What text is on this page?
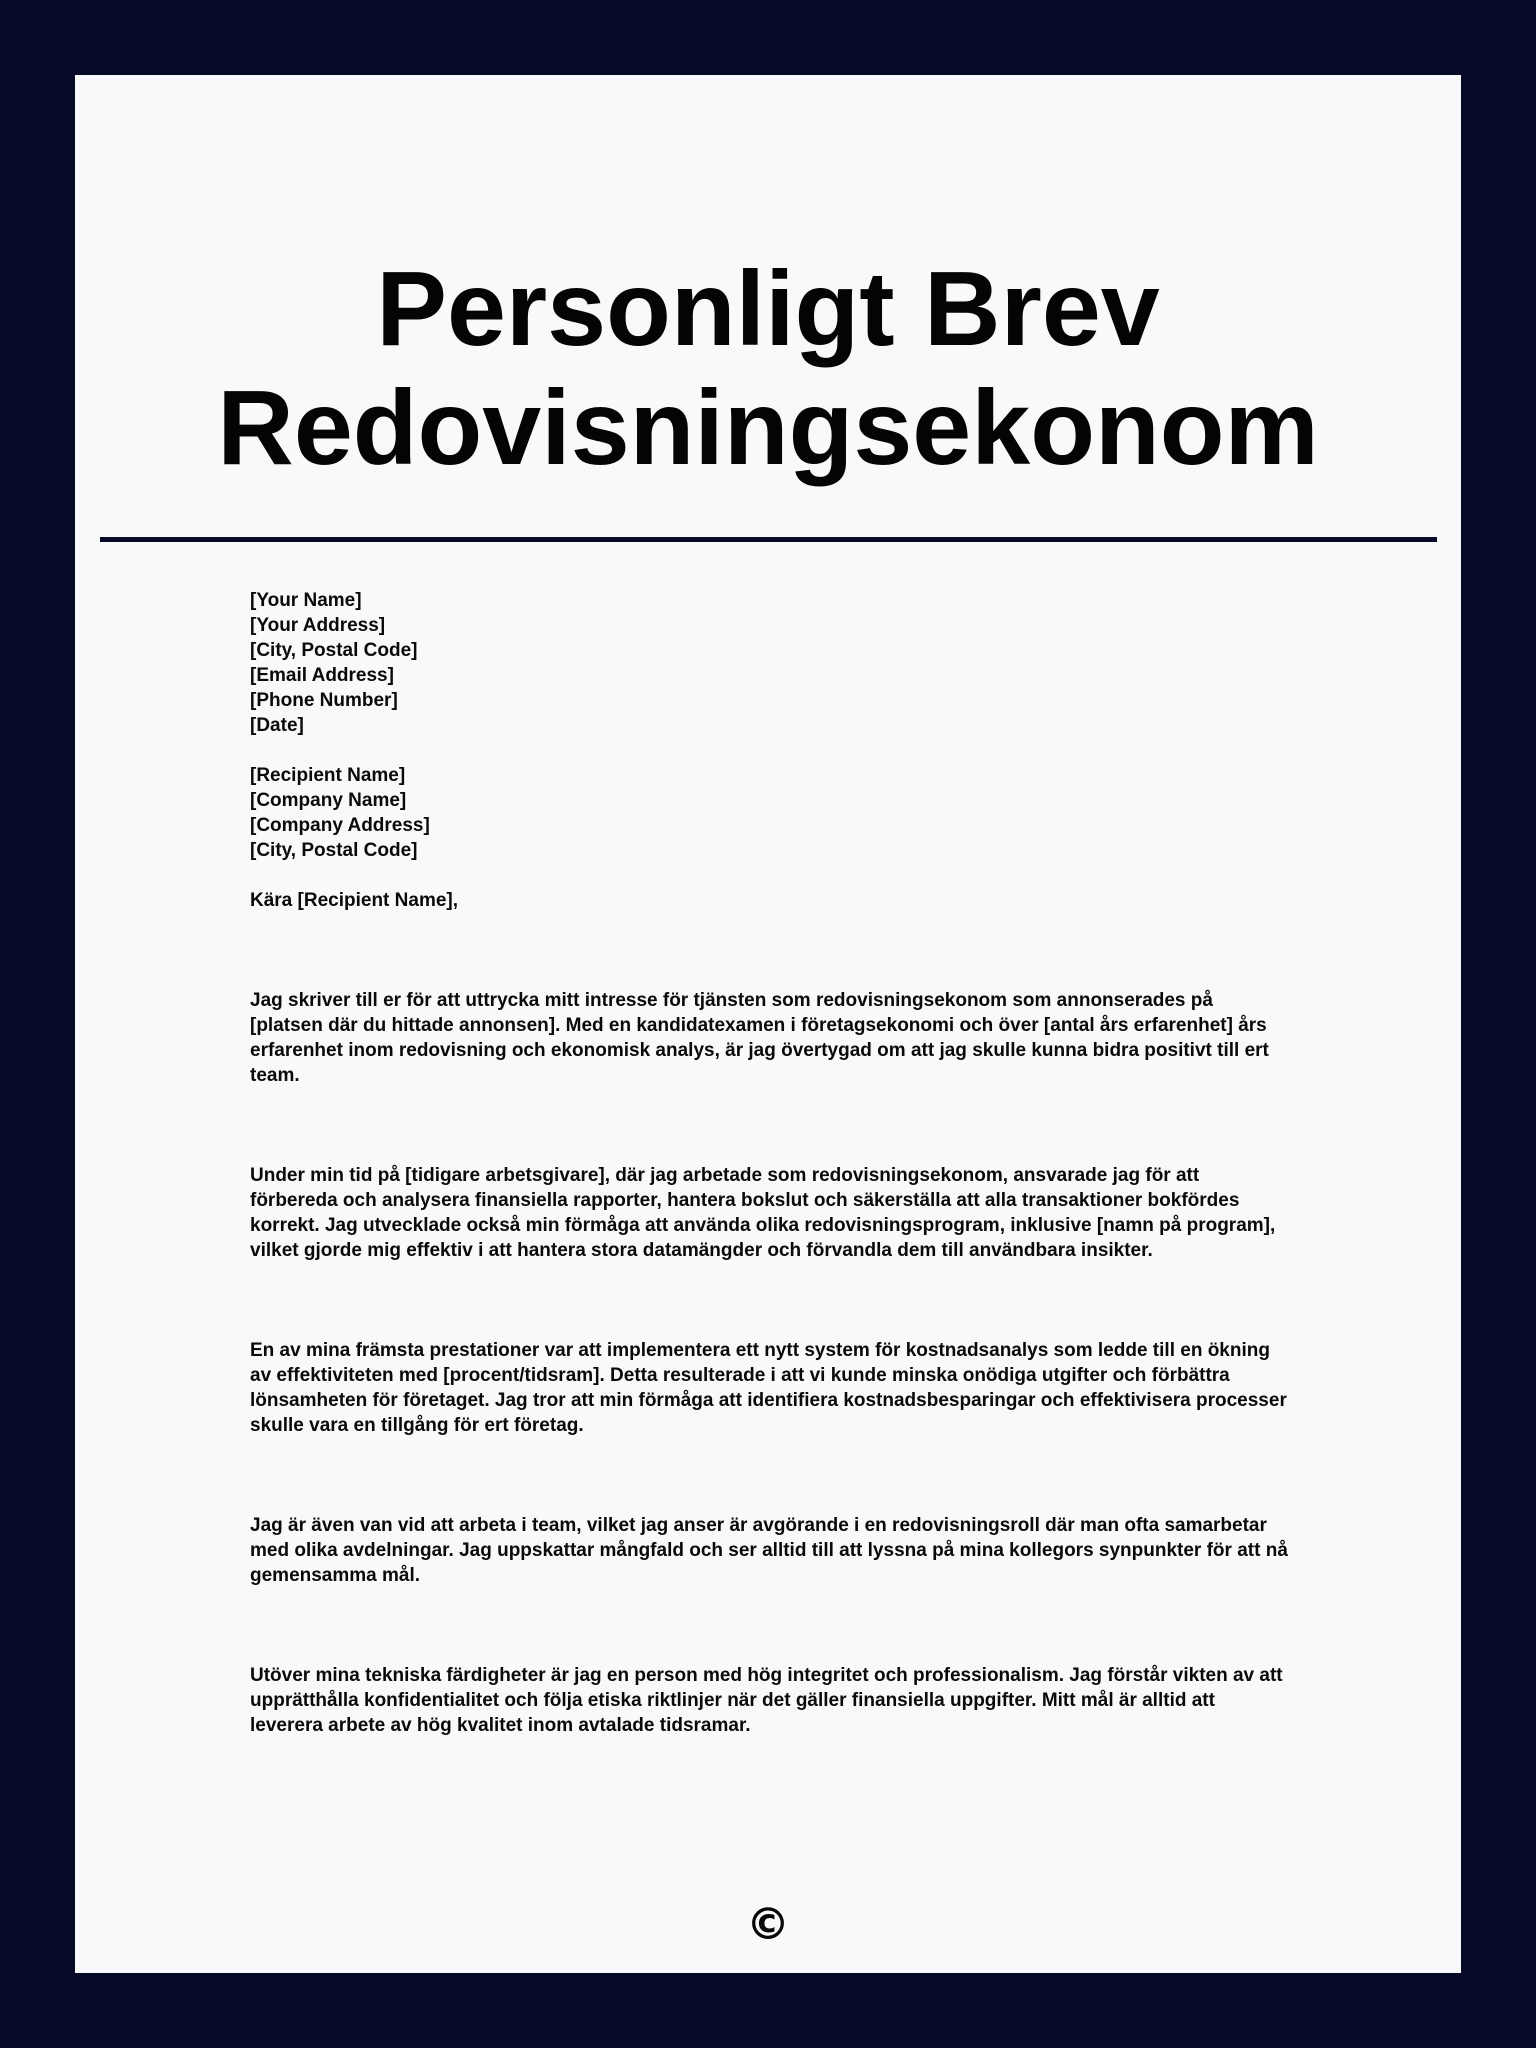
Personligt Brev
Redovisningsekonom
[Your Name]
[Your Address]
[City, Postal Code]
[Email Address]
[Phone Number]
[Date]
[Recipient Name]
[Company Name]
[Company Address]
[City, Postal Code]

Kära [Recipient Name],

Jag skriver till er för att uttrycka mitt intresse för tjänsten som redovisningsekonom som annonserades på [platsen där du hittade annonsen]. Med en kandidatexamen i företagsekonomi och över [antal års erfarenhet] års erfarenhet inom redovisning och ekonomisk analys, är jag övertygad om att jag skulle kunna bidra positivt till ert team.

Under min tid på [tidigare arbetsgivare], där jag arbetade som redovisningsekonom, ansvarade jag för att förbereda och analysera finansiella rapporter, hantera bokslut och säkerställa att alla transaktioner bokfördes korrekt. Jag utvecklade också min förmåga att använda olika redovisningsprogram, inklusive [namn på program], vilket gjorde mig effektiv i att hantera stora datamängder och förvandla dem till användbara insikter.

En av mina främsta prestationer var att implementera ett nytt system för kostnadsanalys som ledde till en ökning av effektiviteten med [procent/tidsram]. Detta resulterade i att vi kunde minska onödiga utgifter och förbättra lönsamheten för företaget. Jag tror att min förmåga att identifiera kostnadsbesparingar och effektivisera processer skulle vara en tillgång för ert företag.

Jag är även van vid att arbeta i team, vilket jag anser är avgörande i en redovisningsroll där man ofta samarbetar med olika avdelningar. Jag uppskattar mångfald och ser alltid till att lyssna på mina kollegors synpunkter för att nå gemensamma mål.

Utöver mina tekniska färdigheter är jag en person med hög integritet och professionalism. Jag förstår vikten av att upprätthålla konfidentialitet och följa etiska riktlinjer när det gäller finansiella uppgifter. Mitt mål är alltid att leverera arbete av hög kvalitet inom avtalade tidsramar.

©
